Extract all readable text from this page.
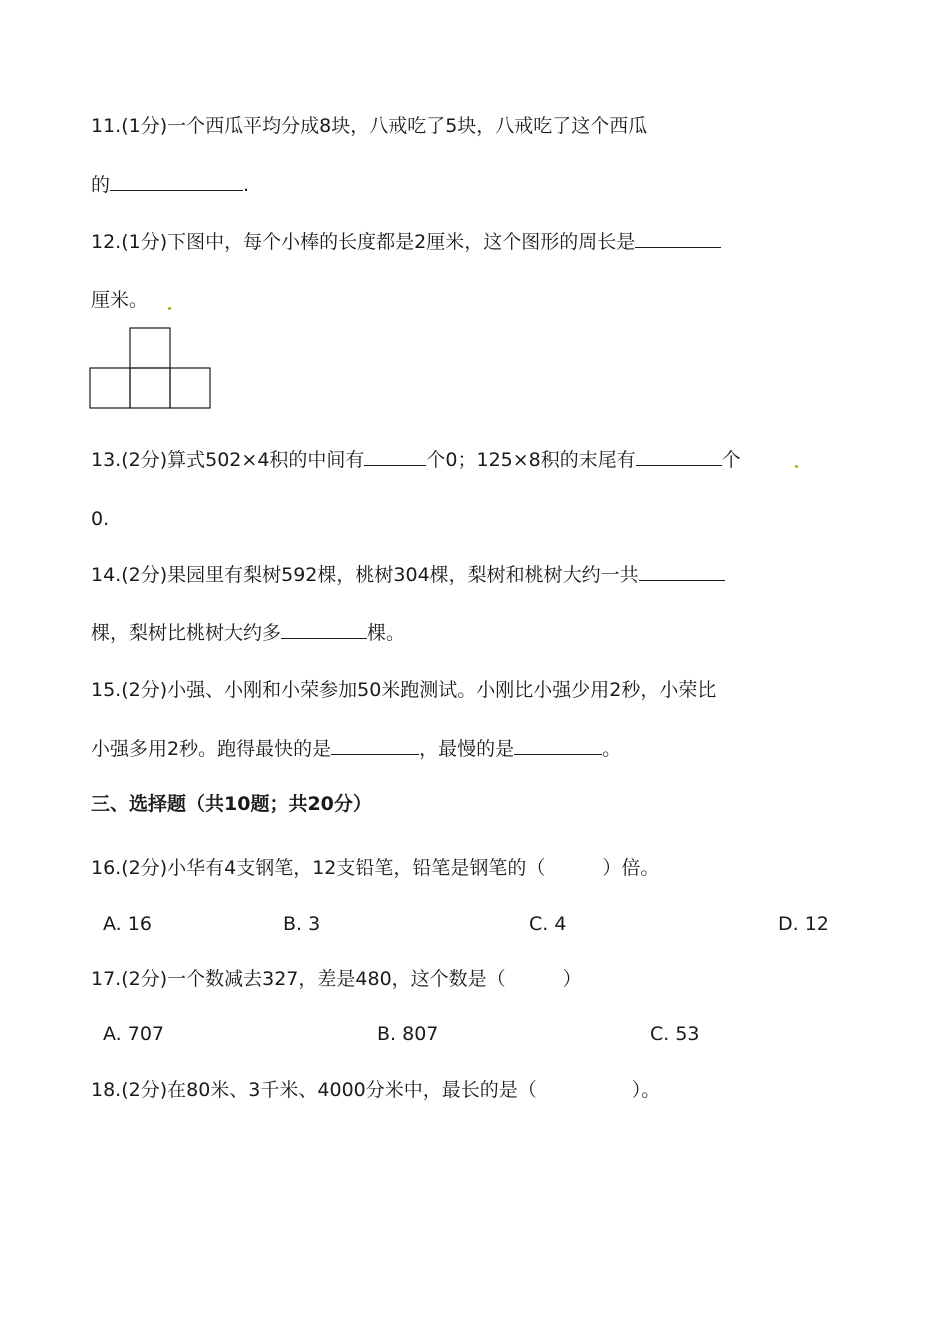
11.(1分)一个西瓜平均分成8块，八戒吃了5块，八戒吃了这个西瓜
的	.
12.(1分)下图中，每个小棒的长度都是2厘米，这个图形的周长是
厘米。
13.(2分)算式502×4积的中间有	个0；125×8积的末尾有	个
0.
14.(2分)果园里有梨树592棵，桃树304棵，梨树和桃树大约一共
棵，梨树比桃树大约多	棵。
15.(2分)小强、小刚和小荣参加50米跑测试。小刚比小强少用2秒，小荣比
小强多用2秒。跑得最快的是	，最慢的是	。
三、选择题（共10题；共20分）
16.(2分)小华有4支钢笔，12支铅笔，铅笔是钢笔的（　　　）倍。
A. 16	B. 3	C. 4	D. 12
17.(2分)一个数减去327，差是480，这个数是（　　　）
A. 707	B. 807	C. 53
18.(2分)在80米、3千米、4000分米中，最长的是（　　　　　）。
